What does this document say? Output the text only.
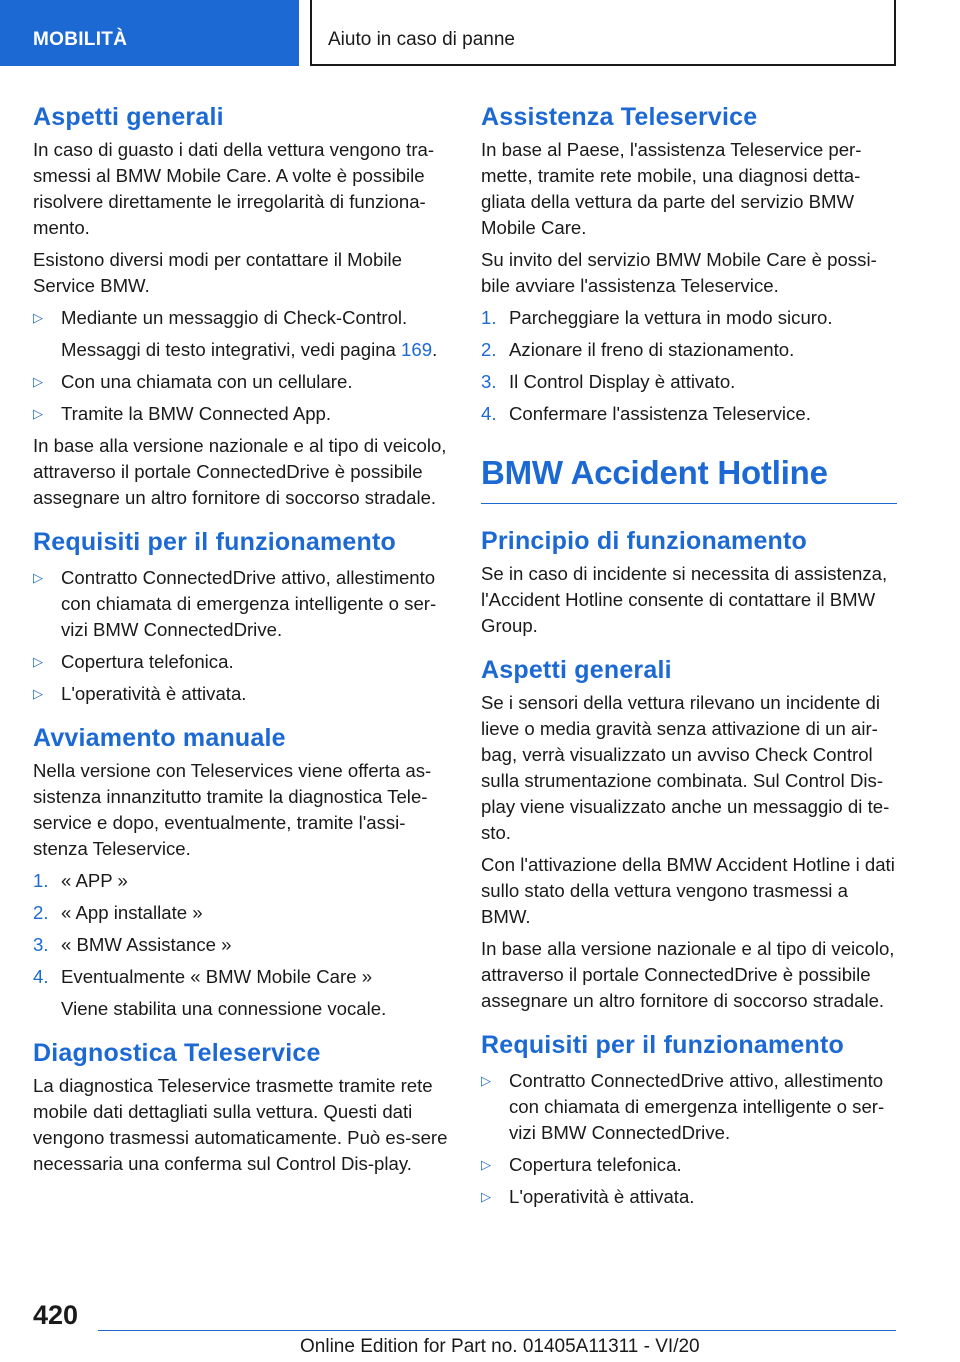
MOBILITÀ	Aiuto in caso di panne
Aspetti generali

In caso di guasto i dati della vettura vengono tra-smessi al BMW Mobile Care. A volte è possibile risolvere direttamente le irregolarità di funziona-mento.

Esistono diversi modi per contattare il Mobile Service BMW.

▷ Mediante un messaggio di Check-Control.
Messaggi di testo integrativi, vedi pagina 169.
▷ Con una chiamata con un cellulare.
▷ Tramite la BMW Connected App.

In base alla versione nazionale e al tipo di veicolo, attraverso il portale ConnectedDrive è possibile assegnare un altro fornitore di soccorso stradale.

Requisiti per il funzionamento
▷ Contratto ConnectedDrive attivo, allestimento con chiamata di emergenza intelligente o ser-vizi BMW ConnectedDrive.
▷ Copertura telefonica.
▷ L'operatività è attivata.
Avviamento manuale

Nella versione con Teleservices viene offerta as-sistenza innanzitutto tramite la diagnostica Tele-service e dopo, eventualmente, tramite l'assi-stenza Teleservice.

1. « APP »
2. « App installate »
3. « BMW Assistance »
4. Eventualmente « BMW Mobile Care »
Viene stabilita una connessione vocale.
Diagnostica Teleservice

La diagnostica Teleservice trasmette tramite rete mobile dati dettagliati sulla vettura. Questi dati vengono trasmessi automaticamente. Può es-sere necessaria una conferma sul Control Dis-play.

Assistenza Teleservice

In base al Paese, l'assistenza Teleservice per-mette, tramite rete mobile, una diagnosi detta-gliata della vettura da parte del servizio BMW Mobile Care.

Su invito del servizio BMW Mobile Care è possi-bile avviare l'assistenza Teleservice.

1. Parcheggiare la vettura in modo sicuro.
2. Azionare il freno di stazionamento.
3. Il Control Display è attivato.
4. Confermare l'assistenza Teleservice.
BMW Accident Hotline
Principio di funzionamento

Se in caso di incidente si necessita di assistenza, l'Accident Hotline consente di contattare il BMW Group.

Aspetti generali

Se i sensori della vettura rilevano un incidente di lieve o media gravità senza attivazione di un air-bag, verrà visualizzato un avviso Check Control sulla strumentazione combinata. Sul Control Dis-play viene visualizzato anche un messaggio di te-sto.

Con l'attivazione della BMW Accident Hotline i dati sullo stato della vettura vengono trasmessi a BMW.

In base alla versione nazionale e al tipo di veicolo, attraverso il portale ConnectedDrive è possibile assegnare un altro fornitore di soccorso stradale.

Requisiti per il funzionamento
▷ Contratto ConnectedDrive attivo, allestimento con chiamata di emergenza intelligente o ser-vizi BMW ConnectedDrive.
▷ Copertura telefonica.
▷ L'operatività è attivata.
420
Online Edition for Part no. 01405A11311 - VI/20
